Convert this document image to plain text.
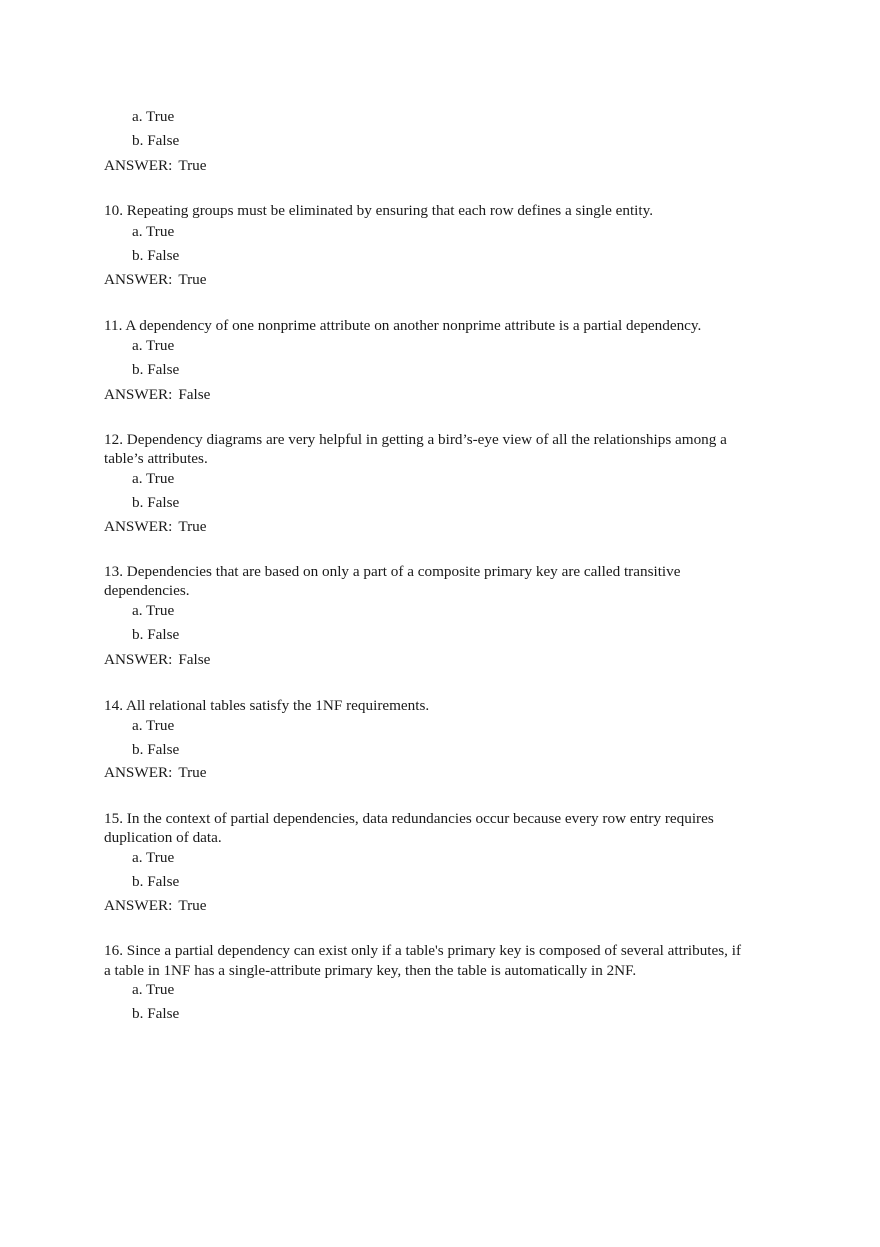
a. True
b. False
ANSWER: True
10. Repeating groups must be eliminated by ensuring that each row defines a single entity.
a. True
b. False
ANSWER: True
11. A dependency of one nonprime attribute on another nonprime attribute is a partial dependency.
a. True
b. False
ANSWER: False
12. Dependency diagrams are very helpful in getting a bird’s-eye view of all the relationships among a
table’s attributes.
a. True
b. False
ANSWER: True
13. Dependencies that are based on only a part of a composite primary key are called transitive
dependencies.
a. True
b. False
ANSWER: False
14. All relational tables satisfy the 1NF requirements.
a. True
b. False
ANSWER: True
15. In the context of partial dependencies, data redundancies occur because every row entry requires
duplication of data.
a. True
b. False
ANSWER: True
16. Since a partial dependency can exist only if a table's primary key is composed of several attributes, if
a table in 1NF has a single-attribute primary key, then the table is automatically in 2NF.
a. True
b. False
